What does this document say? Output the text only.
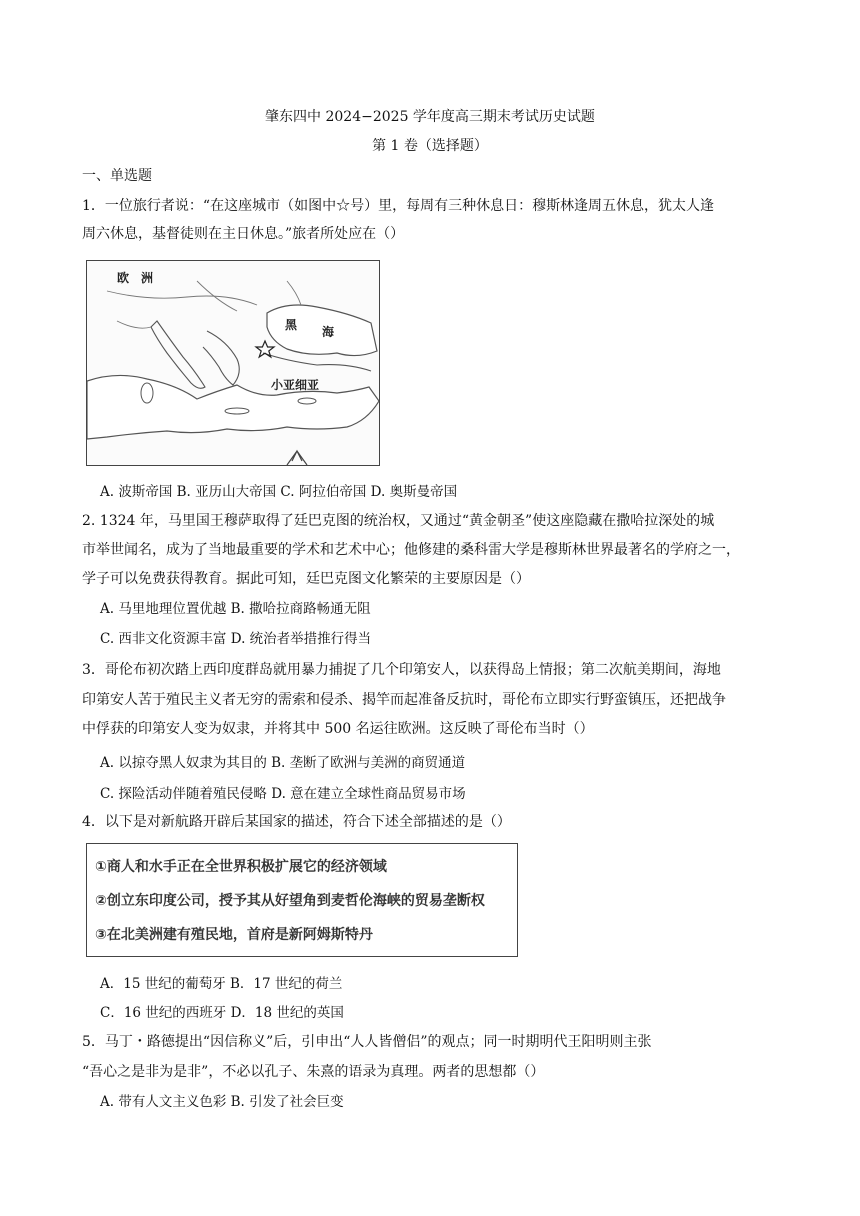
肇东四中 2024−2025 学年度高三期末考试历史试题
第 1 卷（选择题）
一、单选题
1．一位旅行者说：“在这座城市（如图中☆号）里，每周有三种休息日：穆斯林逢周五休息，犹太人逢
周六休息，基督徒则在主日休息。”旅者所处应在（）
欧　洲
黑 海
小亚细亚
A. 波斯帝国 B. 亚历山大帝国 C. 阿拉伯帝国 D. 奥斯曼帝国
2. 1324 年，马里国王穆萨取得了廷巴克图的统治权，又通过“黄金朝圣”使这座隐藏在撒哈拉深处的城
市举世闻名，成为了当地最重要的学术和艺术中心；他修建的桑科雷大学是穆斯林世界最著名的学府之一，
学子可以免费获得教育。据此可知，廷巴克图文化繁荣的主要原因是（）
A. 马里地理位置优越 B. 撒哈拉商路畅通无阻
C. 西非文化资源丰富 D. 统治者举措推行得当
3．哥伦布初次踏上西印度群岛就用暴力捕捉了几个印第安人，以获得岛上情报；第二次航美期间，海地
印第安人苦于殖民主义者无穷的需索和侵杀、揭竿而起准备反抗时，哥伦布立即实行野蛮镇压，还把战争
中俘获的印第安人变为奴隶，并将其中 500 名运往欧洲。这反映了哥伦布当时（）
A. 以掠夺黑人奴隶为其目的 B. 垄断了欧洲与美洲的商贸通道
C. 探险活动伴随着殖民侵略 D. 意在建立全球性商品贸易市场
4．以下是对新航路开辟后某国家的描述，符合下述全部描述的是（）
①商人和水手正在全世界积极扩展它的经济领域
②创立东印度公司，授予其从好望角到麦哲伦海峡的贸易垄断权
③在北美洲建有殖民地，首府是新阿姆斯特丹
A．15 世纪的葡萄牙 B．17 世纪的荷兰
C．16 世纪的西班牙 D．18 世纪的英国
5．马丁・路德提出“因信称义”后，引申出“人人皆僧侣”的观点；同一时期明代王阳明则主张
“吾心之是非为是非”，不必以孔子、朱熹的语录为真理。两者的思想都（）
A. 带有人文主义色彩 B. 引发了社会巨变
